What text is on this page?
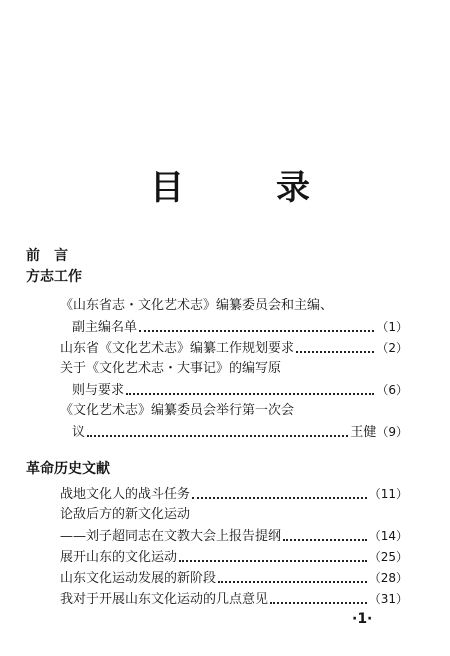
目	录
前　言
方志工作
《山东省志・文化艺术志》编纂委员会和主编、
副主编名单	（1）
山东省《文化艺术志》编纂工作规划要求	（2）
关于《文化艺术志・大事记》的编写原
则与要求	（6）
《文化艺术志》编纂委员会举行第一次会
议	王健 （9）
革命历史文献
战地文化人的战斗任务	（11）
论敌后方的新文化运动
——刘子超同志在文教大会上报告提纲	（14）
展开山东的文化运动	（25）
山东文化运动发展的新阶段	（28）
我对于开展山东文化运动的几点意见	（31）
·1·
